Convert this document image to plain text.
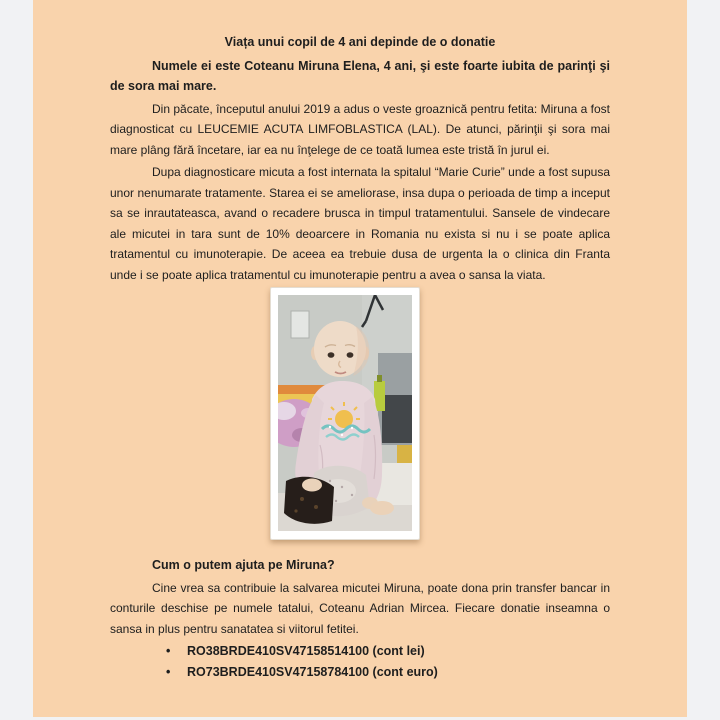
Viața unui copil de 4 ani depinde de o donatie

Numele ei este Coteanu Miruna Elena, 4 ani, şi este foarte iubita de parinţi şi de sora mai mare.

Din păcate, începutul anului 2019 a adus o veste groaznică pentru fetita: Miruna a fost diagnosticat cu LEUCEMIE ACUTA LIMFOBLASTICA (LAL). De atunci, părinţii şi sora mai mare plâng fără încetare, iar ea nu înţelege de ce toată lumea este tristă în jurul ei.

Dupa diagnosticare micuta a fost internata la spitalul “Marie Curie” unde a fost supusa unor nenumarate tratamente. Starea ei se ameliorase, insa dupa o perioada de timp a inceput sa se inrautateasca, avand o recadere brusca in timpul tratamentului. Sansele de vindecare ale micutei in tara sunt de 10% deoarcere in Romania nu exista si nu i se poate aplica tratamentul cu imunoterapie. De aceea ea trebuie dusa de urgenta la o clinica din Franta unde i se poate aplica tratamentul cu imunoterapie pentru a avea o sansa la viata.

Cum o putem ajuta pe Miruna?

Cine vrea sa contribuie la salvarea micutei Miruna, poate dona prin transfer bancar in conturile deschise pe numele tatalui, Coteanu Adrian Mircea. Fiecare donatie inseamna o sansa in plus pentru sanatatea si viitorul fetitei.

•	RO38BRDE410SV47158514100 (cont lei)
•	RO73BRDE410SV47158784100 (cont euro)
